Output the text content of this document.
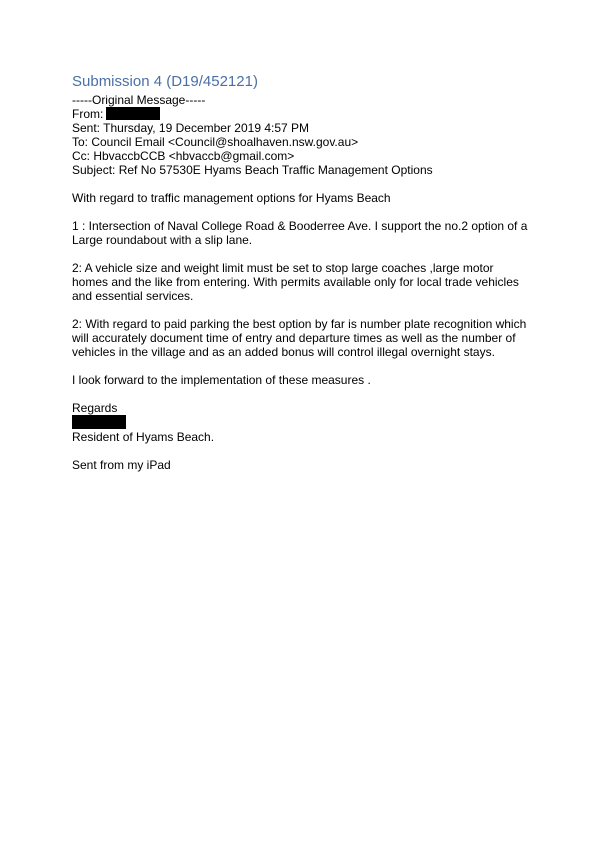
Submission 4 (D19/452121)
-----Original Message-----
From:
Sent: Thursday, 19 December 2019 4:57 PM
To: Council Email <Council@shoalhaven.nsw.gov.au>
Cc: HbvaccbCCB <hbvaccb@gmail.com>
Subject: Ref No 57530E Hyams Beach Traffic Management Options
With regard to traffic management options for Hyams Beach
1 : Intersection of Naval College Road & Booderree Ave. I support the no.2 option of a Large roundabout with a slip lane.
2: A vehicle size and weight limit must be set to stop large coaches ,large motor homes and the like from entering. With permits available only for local trade vehicles and essential services.
2: With regard to paid parking the best option by far is number plate recognition which will accurately document time of entry and departure times as well as the number of vehicles in the village and as an added bonus will control illegal overnight stays.
I look forward to the implementation of these measures .
Regards
Resident of Hyams Beach.
Sent from my iPad
